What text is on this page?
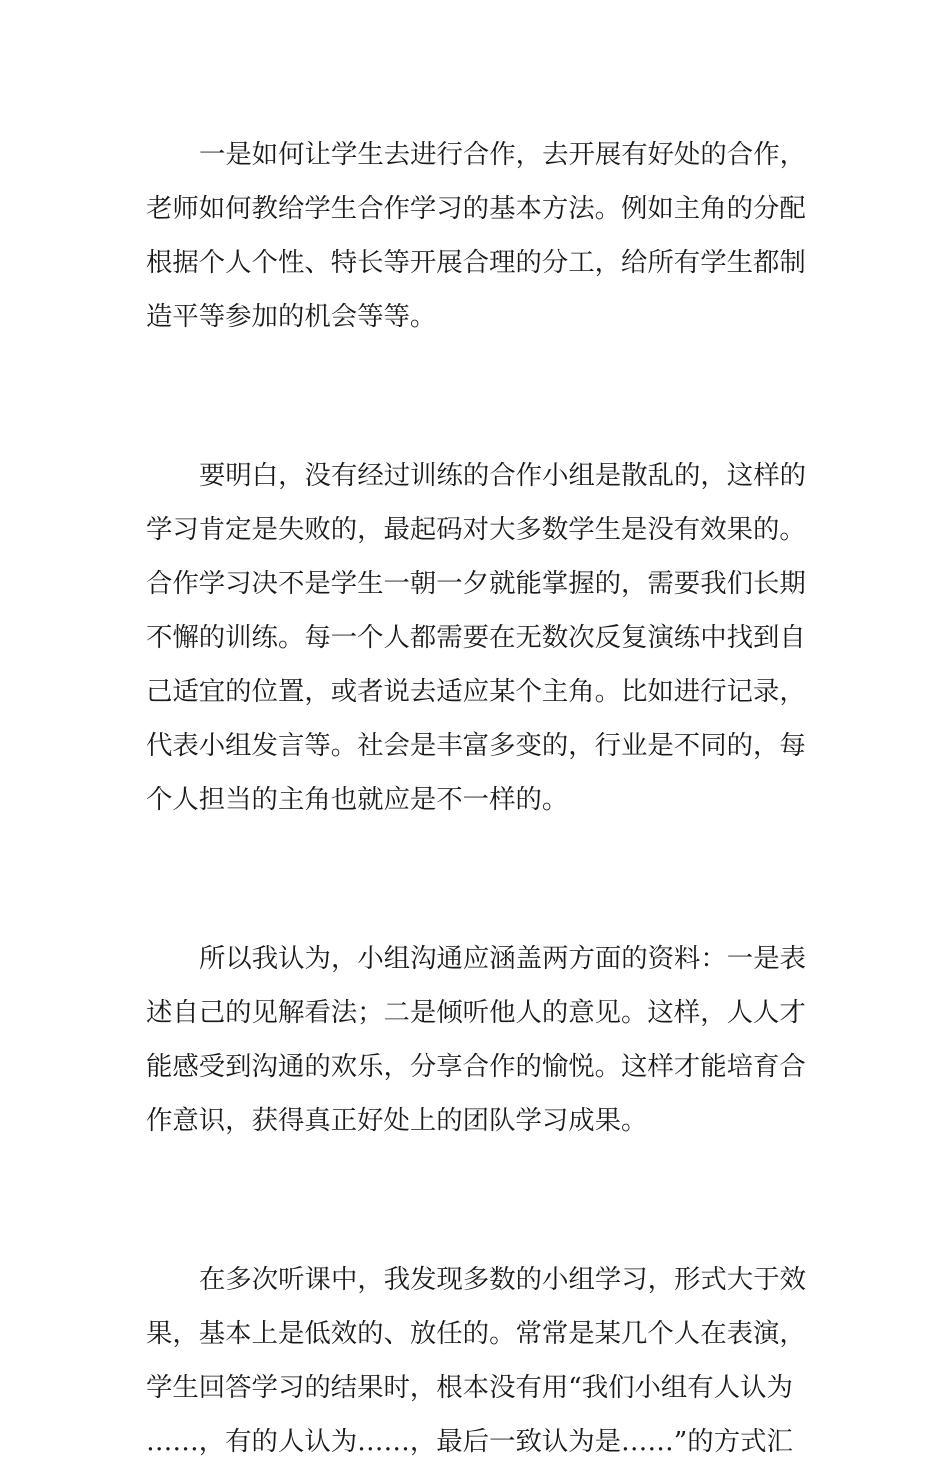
一是如何让学生去进行合作，去开展有好处的合作，
老师如何教给学生合作学习的基本方法。例如主角的分配
根据个人个性、特长等开展合理的分工，给所有学生都制
造平等参加的机会等等。
要明白，没有经过训练的合作小组是散乱的，这样的
学习肯定是失败的，最起码对大多数学生是没有效果的。
合作学习决不是学生一朝一夕就能掌握的，需要我们长期
不懈的训练。每一个人都需要在无数次反复演练中找到自
己适宜的位置，或者说去适应某个主角。比如进行记录，
代表小组发言等。社会是丰富多变的，行业是不同的，每
个人担当的主角也就应是不一样的。
所以我认为，小组沟通应涵盖两方面的资料：一是表
述自己的见解看法；二是倾听他人的意见。这样，人人才
能感受到沟通的欢乐，分享合作的愉悦。这样才能培育合
作意识，获得真正好处上的团队学习成果。
在多次听课中，我发现多数的小组学习，形式大于效
果，基本上是低效的、放任的。常常是某几个人在表演，
学生回答学习的结果时，根本没有用“我们小组有人认为
……，有的人认为……，最后一致认为是……”的方式汇
